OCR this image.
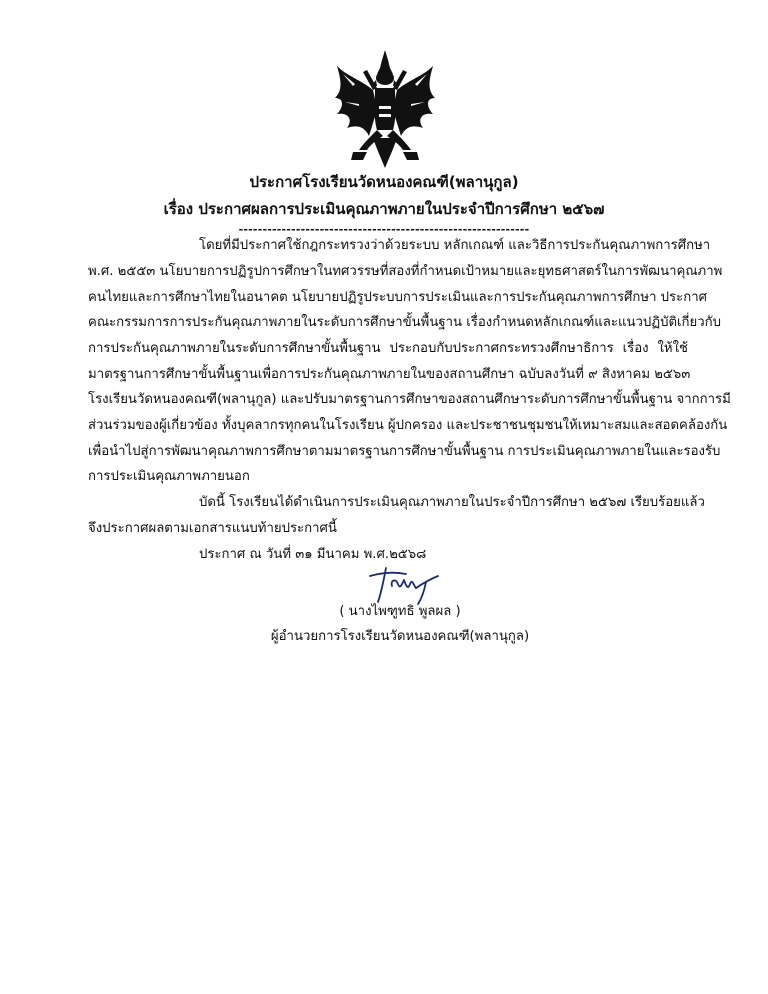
ประกาศโรงเรียนวัดหนองคณฑี(พลานุกูล)
เรื่อง ประกาศผลการประเมินคุณภาพภายในประจำปีการศึกษา ๒๕๖๗
-------------------------------------------------------------
โดยที่มีประกาศใช้กฎกระทรวงว่าด้วยระบบ หลักเกณฑ์ และวิธีการประกันคุณภาพการศึกษา
พ.ศ. ๒๕๕๓ นโยบายการปฏิรูปการศึกษาในทศวรรษที่สองที่กำหนดเป้าหมายและยุทธศาสตร์ในการพัฒนาคุณภาพ
คนไทยและการศึกษาไทยในอนาคต นโยบายปฏิรูประบบการประเมินและการประกันคุณภาพการศึกษา ประกาศ
คณะกรรมการการประกันคุณภาพภายในระดับการศึกษาขั้นพื้นฐาน เรื่องกำหนดหลักเกณฑ์และแนวปฏิบัติเกี่ยวกับ
การประกันคุณภาพภายในระดับการศึกษาขั้นพื้นฐาน ประกอบกับประกาศกระทรวงศึกษาธิการ เรื่อง ให้ใช้
มาตรฐานการศึกษาขั้นพื้นฐานเพื่อการประกันคุณภาพภายในของสถานศึกษา ฉบับลงวันที่ ๙ สิงหาคม ๒๕๖๓
โรงเรียนวัดหนองคณฑี(พลานุกูล) และปรับมาตรฐานการศึกษาของสถานศึกษาระดับการศึกษาขั้นพื้นฐาน จากการมี
ส่วนร่วมของผู้เกี่ยวข้อง ทั้งบุคลากรทุกคนในโรงเรียน ผู้ปกครอง และประชาชนชุมชนให้เหมาะสมและสอดคล้องกัน
เพื่อนำไปสู่การพัฒนาคุณภาพการศึกษาตามมาตรฐานการศึกษาขั้นพื้นฐาน การประเมินคุณภาพภายในและรองรับ
การประเมินคุณภาพภายนอก
บัดนี้ โรงเรียนได้ดำเนินการประเมินคุณภาพภายในประจำปีการศึกษา ๒๕๖๗ เรียบร้อยแล้ว
จึงประกาศผลตามเอกสารแนบท้ายประกาศนี้
ประกาศ ณ วันที่ ๓๑ มีนาคม พ.ศ.๒๕๖๘
( นางไพฑูทธิ พูลผล )
ผู้อำนวยการโรงเรียนวัดหนองคณฑี(พลานุกูล)
